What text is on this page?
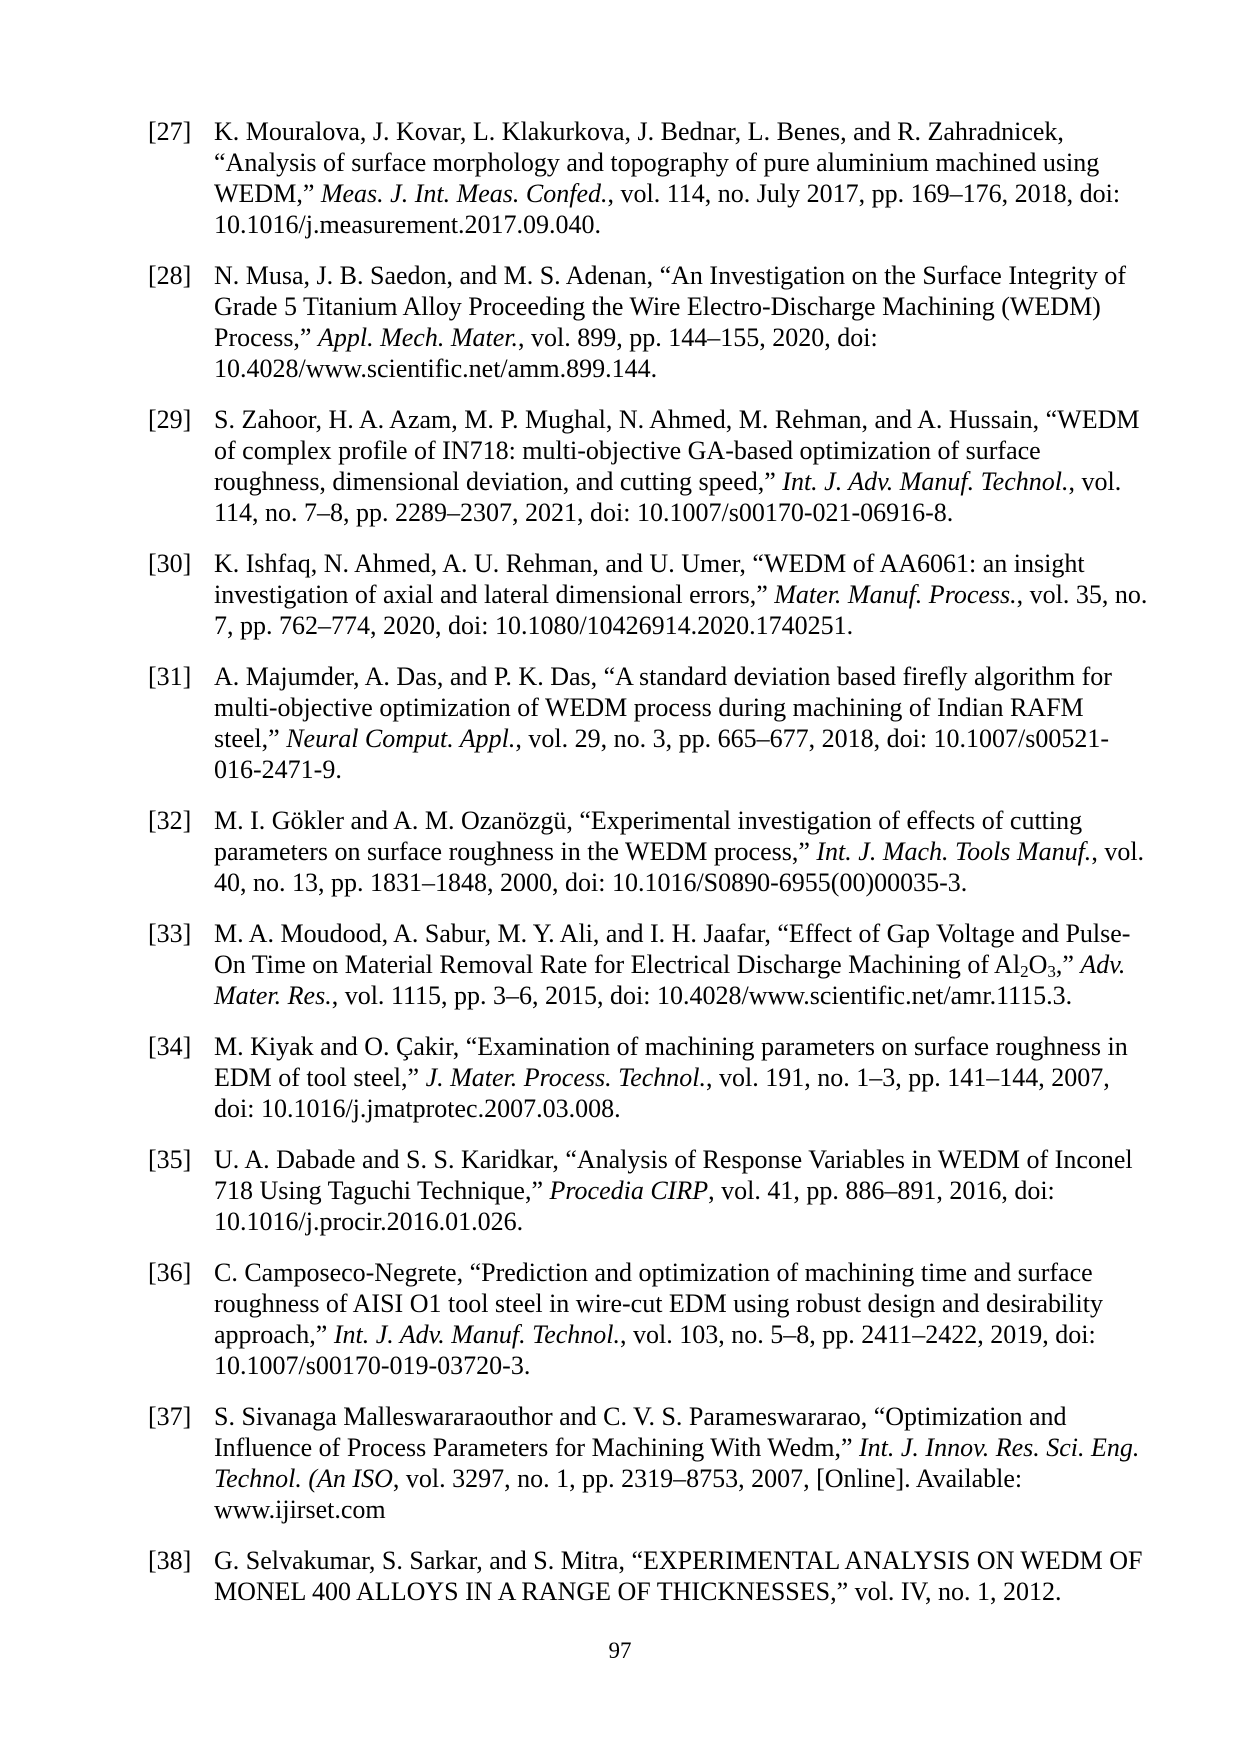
[27] K. Mouralova, J. Kovar, L. Klakurkova, J. Bednar, L. Benes, and R. Zahradnicek, “Analysis of surface morphology and topography of pure aluminium machined using WEDM,” Meas. J. Int. Meas. Confed., vol. 114, no. July 2017, pp. 169–176, 2018, doi: 10.1016/j.measurement.2017.09.040.
[28] N. Musa, J. B. Saedon, and M. S. Adenan, “An Investigation on the Surface Integrity of Grade 5 Titanium Alloy Proceeding the Wire Electro-Discharge Machining (WEDM) Process,” Appl. Mech. Mater., vol. 899, pp. 144–155, 2020, doi: 10.4028/www.scientific.net/amm.899.144.
[29] S. Zahoor, H. A. Azam, M. P. Mughal, N. Ahmed, M. Rehman, and A. Hussain, “WEDM of complex profile of IN718: multi-objective GA-based optimization of surface roughness, dimensional deviation, and cutting speed,” Int. J. Adv. Manuf. Technol., vol. 114, no. 7–8, pp. 2289–2307, 2021, doi: 10.1007/s00170-021-06916-8.
[30] K. Ishfaq, N. Ahmed, A. U. Rehman, and U. Umer, “WEDM of AA6061: an insight investigation of axial and lateral dimensional errors,” Mater. Manuf. Process., vol. 35, no. 7, pp. 762–774, 2020, doi: 10.1080/10426914.2020.1740251.
[31] A. Majumder, A. Das, and P. K. Das, “A standard deviation based firefly algorithm for multi-objective optimization of WEDM process during machining of Indian RAFM steel,” Neural Comput. Appl., vol. 29, no. 3, pp. 665–677, 2018, doi: 10.1007/s00521-016-2471-9.
[32] M. I. Gökler and A. M. Ozanözgü, “Experimental investigation of effects of cutting parameters on surface roughness in the WEDM process,” Int. J. Mach. Tools Manuf., vol. 40, no. 13, pp. 1831–1848, 2000, doi: 10.1016/S0890-6955(00)00035-3.
[33] M. A. Moudood, A. Sabur, M. Y. Ali, and I. H. Jaafar, “Effect of Gap Voltage and Pulse-On Time on Material Removal Rate for Electrical Discharge Machining of $Al_2O_3$,” Adv. Mater. Res., vol. 1115, pp. 3–6, 2015, doi: 10.4028/www.scientific.net/amr.1115.3.
[34] M. Kiyak and O. Çakir, “Examination of machining parameters on surface roughness in EDM of tool steel,” J. Mater. Process. Technol., vol. 191, no. 1–3, pp. 141–144, 2007, doi: 10.1016/j.jmatprotec.2007.03.008.
[35] U. A. Dabade and S. S. Karidkar, “Analysis of Response Variables in WEDM of Inconel 718 Using Taguchi Technique,” Procedia CIRP, vol. 41, pp. 886–891, 2016, doi: 10.1016/j.procir.2016.01.026.
[36] C. Camposeco-Negrete, “Prediction and optimization of machining time and surface roughness of AISI O1 tool steel in wire-cut EDM using robust design and desirability approach,” Int. J. Adv. Manuf. Technol., vol. 103, no. 5–8, pp. 2411–2422, 2019, doi: 10.1007/s00170-019-03720-3.
[37] S. Sivanaga Malleswararaouthor and C. V. S. Parameswararao, “Optimization and Influence of Process Parameters for Machining With Wedm,” Int. J. Innov. Res. Sci. Eng. Technol. (An ISO, vol. 3297, no. 1, pp. 2319–8753, 2007, [Online]. Available: www.ijirset.com
[38] G. Selvakumar, S. Sarkar, and S. Mitra, “EXPERIMENTAL ANALYSIS ON WEDM OF MONEL 400 ALLOYS IN A RANGE OF THICKNESSES,” vol. IV, no. 1, 2012.
97
